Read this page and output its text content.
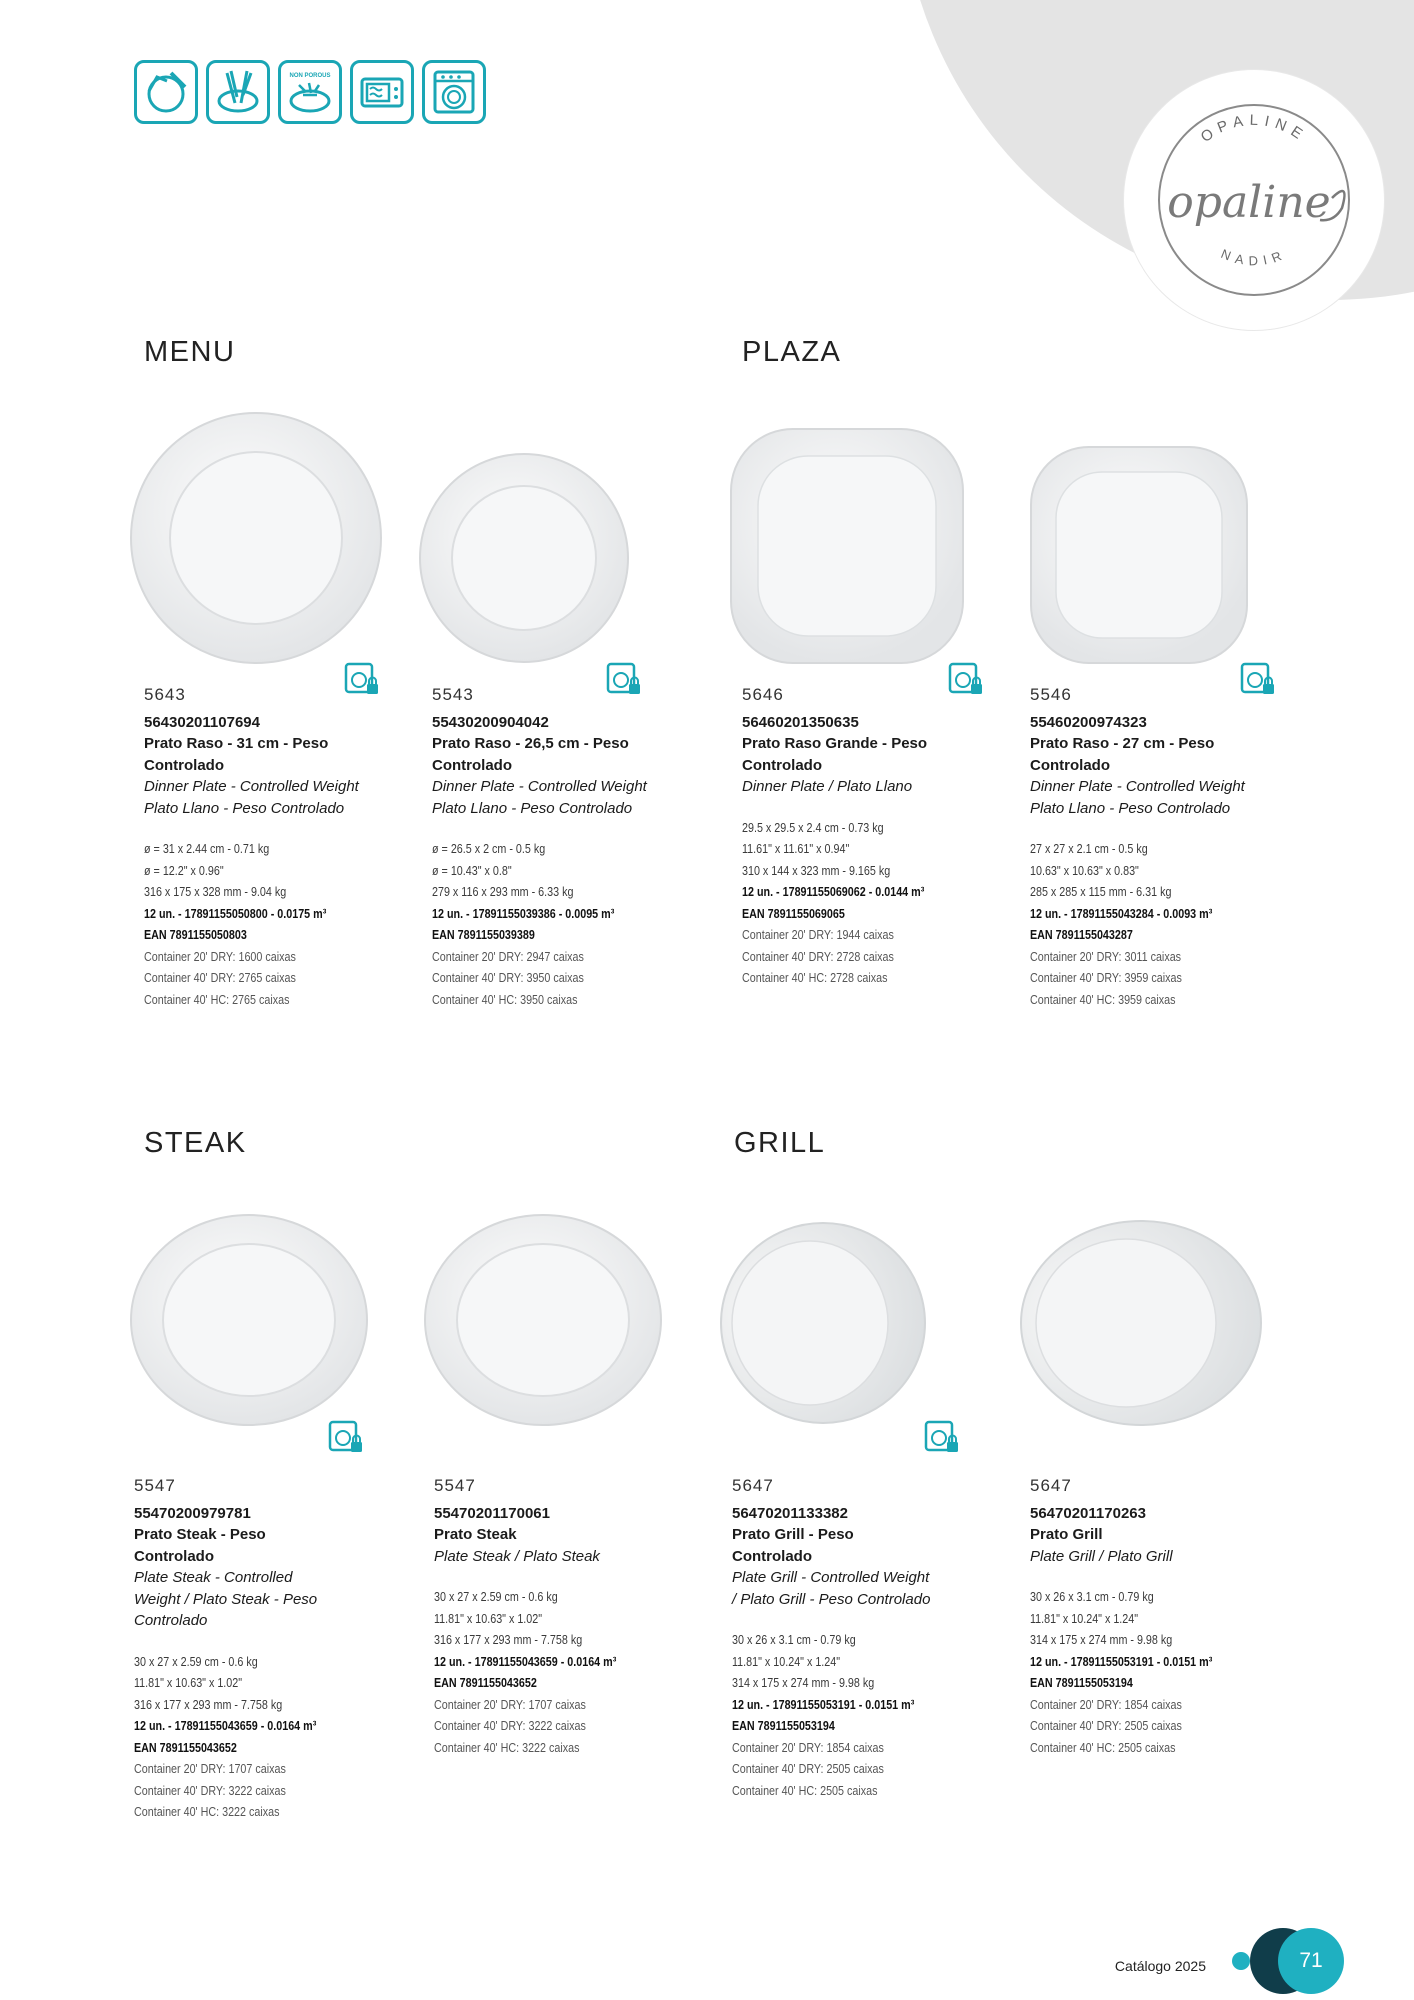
OPALINE
NADIR
opaline
NON POROUS
MENU	PLAZA
STEAK	GRILL
5643
56430201107694
Prato Raso - 31 cm - Peso Controlado
Dinner Plate - Controlled Weight
Plato Llano - Peso Controlado
ø = 31 x 2.44 cm - 0.71 kg
ø = 12.2" x 0.96"
316 x 175 x 328 mm - 9.04 kg
12 un. - 17891155050800 - 0.0175 m³
EAN 7891155050803
Container 20' DRY: 1600 caixas
Container 40' DRY: 2765 caixas
Container 40' HC: 2765 caixas
5543
55430200904042
Prato Raso - 26,5 cm - Peso Controlado
Dinner Plate - Controlled Weight
Plato Llano - Peso Controlado
ø = 26.5 x 2 cm - 0.5 kg
ø = 10.43" x 0.8"
279 x 116 x 293 mm - 6.33 kg
12 un. - 17891155039386 - 0.0095 m³
EAN 7891155039389
Container 20' DRY: 2947 caixas
Container 40' DRY: 3950 caixas
Container 40' HC: 3950 caixas
5646
56460201350635
Prato Raso Grande - Peso Controlado
Dinner Plate / Plato Llano
29.5 x 29.5 x 2.4 cm - 0.73 kg
11.61" x 11.61" x 0.94"
310 x 144 x 323 mm - 9.165 kg
12 un. - 17891155069062 - 0.0144 m³
EAN 7891155069065
Container 20' DRY: 1944 caixas
Container 40' DRY: 2728 caixas
Container 40' HC: 2728 caixas
5546
55460200974323
Prato Raso - 27 cm - Peso Controlado
Dinner Plate - Controlled Weight
Plato Llano - Peso Controlado
27 x 27 x 2.1 cm - 0.5 kg
10.63" x 10.63" x 0.83"
285 x 285 x 115 mm - 6.31 kg
12 un. - 17891155043284 - 0.0093 m³
EAN 7891155043287
Container 20' DRY: 3011 caixas
Container 40' DRY: 3959 caixas
Container 40' HC: 3959 caixas
5547
55470200979781
Prato Steak - Peso Controlado
Plate Steak - Controlled Weight / Plato Steak - Peso Controlado
30 x 27 x 2.59 cm - 0.6 kg
11.81" x 10.63" x 1.02"
316 x 177 x 293 mm - 7.758 kg
12 un. - 17891155043659 - 0.0164 m³
EAN 7891155043652
Container 20' DRY: 1707 caixas
Container 40' DRY: 3222 caixas
Container 40' HC: 3222 caixas
5547
55470201170061
Prato Steak
Plate Steak / Plato Steak
30 x 27 x 2.59 cm - 0.6 kg
11.81" x 10.63" x 1.02"
316 x 177 x 293 mm - 7.758 kg
12 un. - 17891155043659 - 0.0164 m³
EAN 7891155043652
Container 20' DRY: 1707 caixas
Container 40' DRY: 3222 caixas
Container 40' HC: 3222 caixas
5647
56470201133382
Prato Grill - Peso Controlado
Plate Grill - Controlled Weight / Plato Grill - Peso Controlado
30 x 26 x 3.1 cm - 0.79 kg
11.81" x 10.24" x 1.24"
314 x 175 x 274 mm - 9.98 kg
12 un. - 17891155053191 - 0.0151 m³
EAN 7891155053194
Container 20' DRY: 1854 caixas
Container 40' DRY: 2505 caixas
Container 40' HC: 2505 caixas
5647
56470201170263
Prato Grill
Plate Grill / Plato Grill
30 x 26 x 3.1 cm - 0.79 kg
11.81" x 10.24" x 1.24"
314 x 175 x 274 mm - 9.98 kg
12 un. - 17891155053191 - 0.0151 m³
EAN 7891155053194
Container 20' DRY: 1854 caixas
Container 40' DRY: 2505 caixas
Container 40' HC: 2505 caixas
Catálogo 2025	71
